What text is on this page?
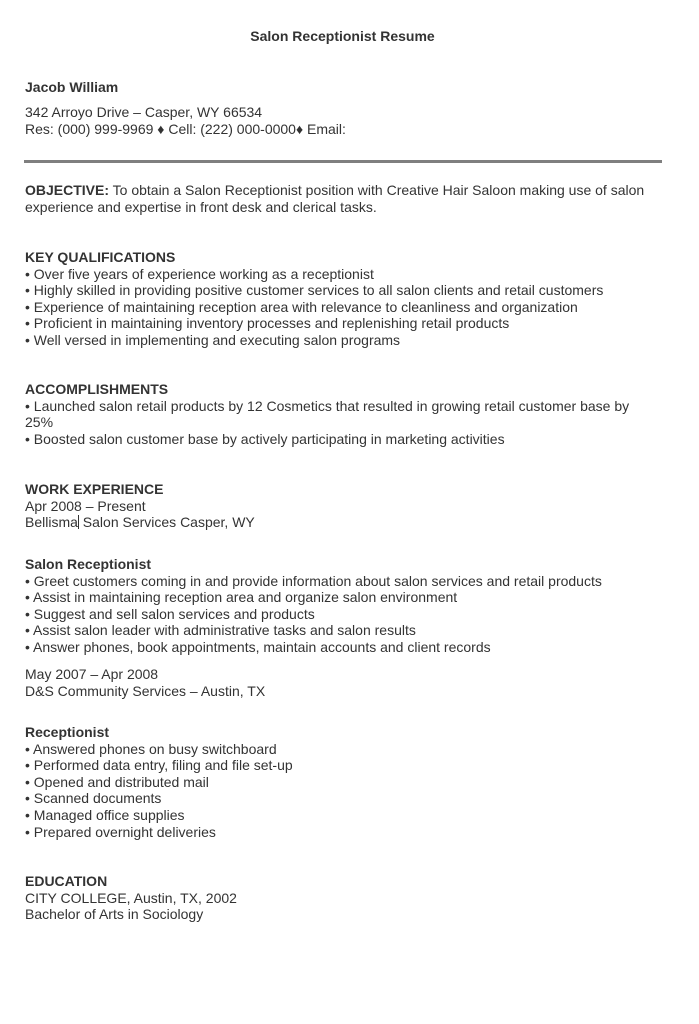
Salon Receptionist Resume
Jacob William
342 Arroyo Drive – Casper, WY 66534
Res: (000) 999-9969 ♦ Cell: (222) 000-0000♦ Email:
OBJECTIVE: To obtain a Salon Receptionist position with Creative Hair Saloon making use of salon experience and expertise in front desk and clerical tasks.
KEY QUALIFICATIONS
• Over five years of experience working as a receptionist
• Highly skilled in providing positive customer services to all salon clients and retail customers
• Experience of maintaining reception area with relevance to cleanliness and organization
• Proficient in maintaining inventory processes and replenishing retail products
• Well versed in implementing and executing salon programs
ACCOMPLISHMENTS
• Launched salon retail products by 12 Cosmetics that resulted in growing retail customer base by 25%
• Boosted salon customer base by actively participating in marketing activities
WORK EXPERIENCE
Apr 2008 – Present
Bellisma Salon Services Casper, WY
Salon Receptionist
• Greet customers coming in and provide information about salon services and retail products
• Assist in maintaining reception area and organize salon environment
• Suggest and sell salon services and products
• Assist salon leader with administrative tasks and salon results
• Answer phones, book appointments, maintain accounts and client records
May 2007 – Apr 2008
D&S Community Services – Austin, TX
Receptionist
• Answered phones on busy switchboard
• Performed data entry, filing and file set-up
• Opened and distributed mail
• Scanned documents
• Managed office supplies
• Prepared overnight deliveries
EDUCATION
CITY COLLEGE, Austin, TX, 2002
Bachelor of Arts in Sociology
